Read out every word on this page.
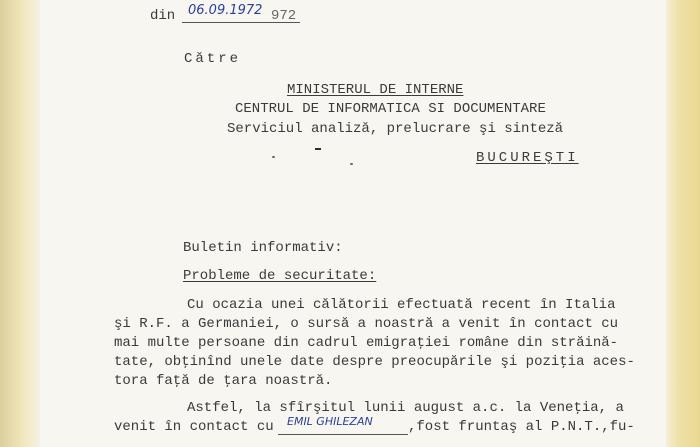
din 06.09.1972 972
Către
MINISTERUL DE INTERNE
CENTRUL DE INFORMATICA SI DOCUMENTARE
Serviciul analiză, prelucrare şi sinteză
BUCUREŞTI
Buletin informativ:
Probleme de securitate:
Cu ocazia unei călătorii efectuată recent în Italia
şi R.F. a Germaniei, o sursă a noastră a venit în contact cu
mai multe persoane din cadrul emigraţiei române din străină-
tate, obţinînd unele date despre preocupările şi poziţia aces-
tora faţă de ţara noastră.
Astfel, la sfîrşitul lunii august a.c. la Veneţia, a
venit în contact cu EMIL GHILEZAN	,fost fruntaş al P.N.T.,fu-
